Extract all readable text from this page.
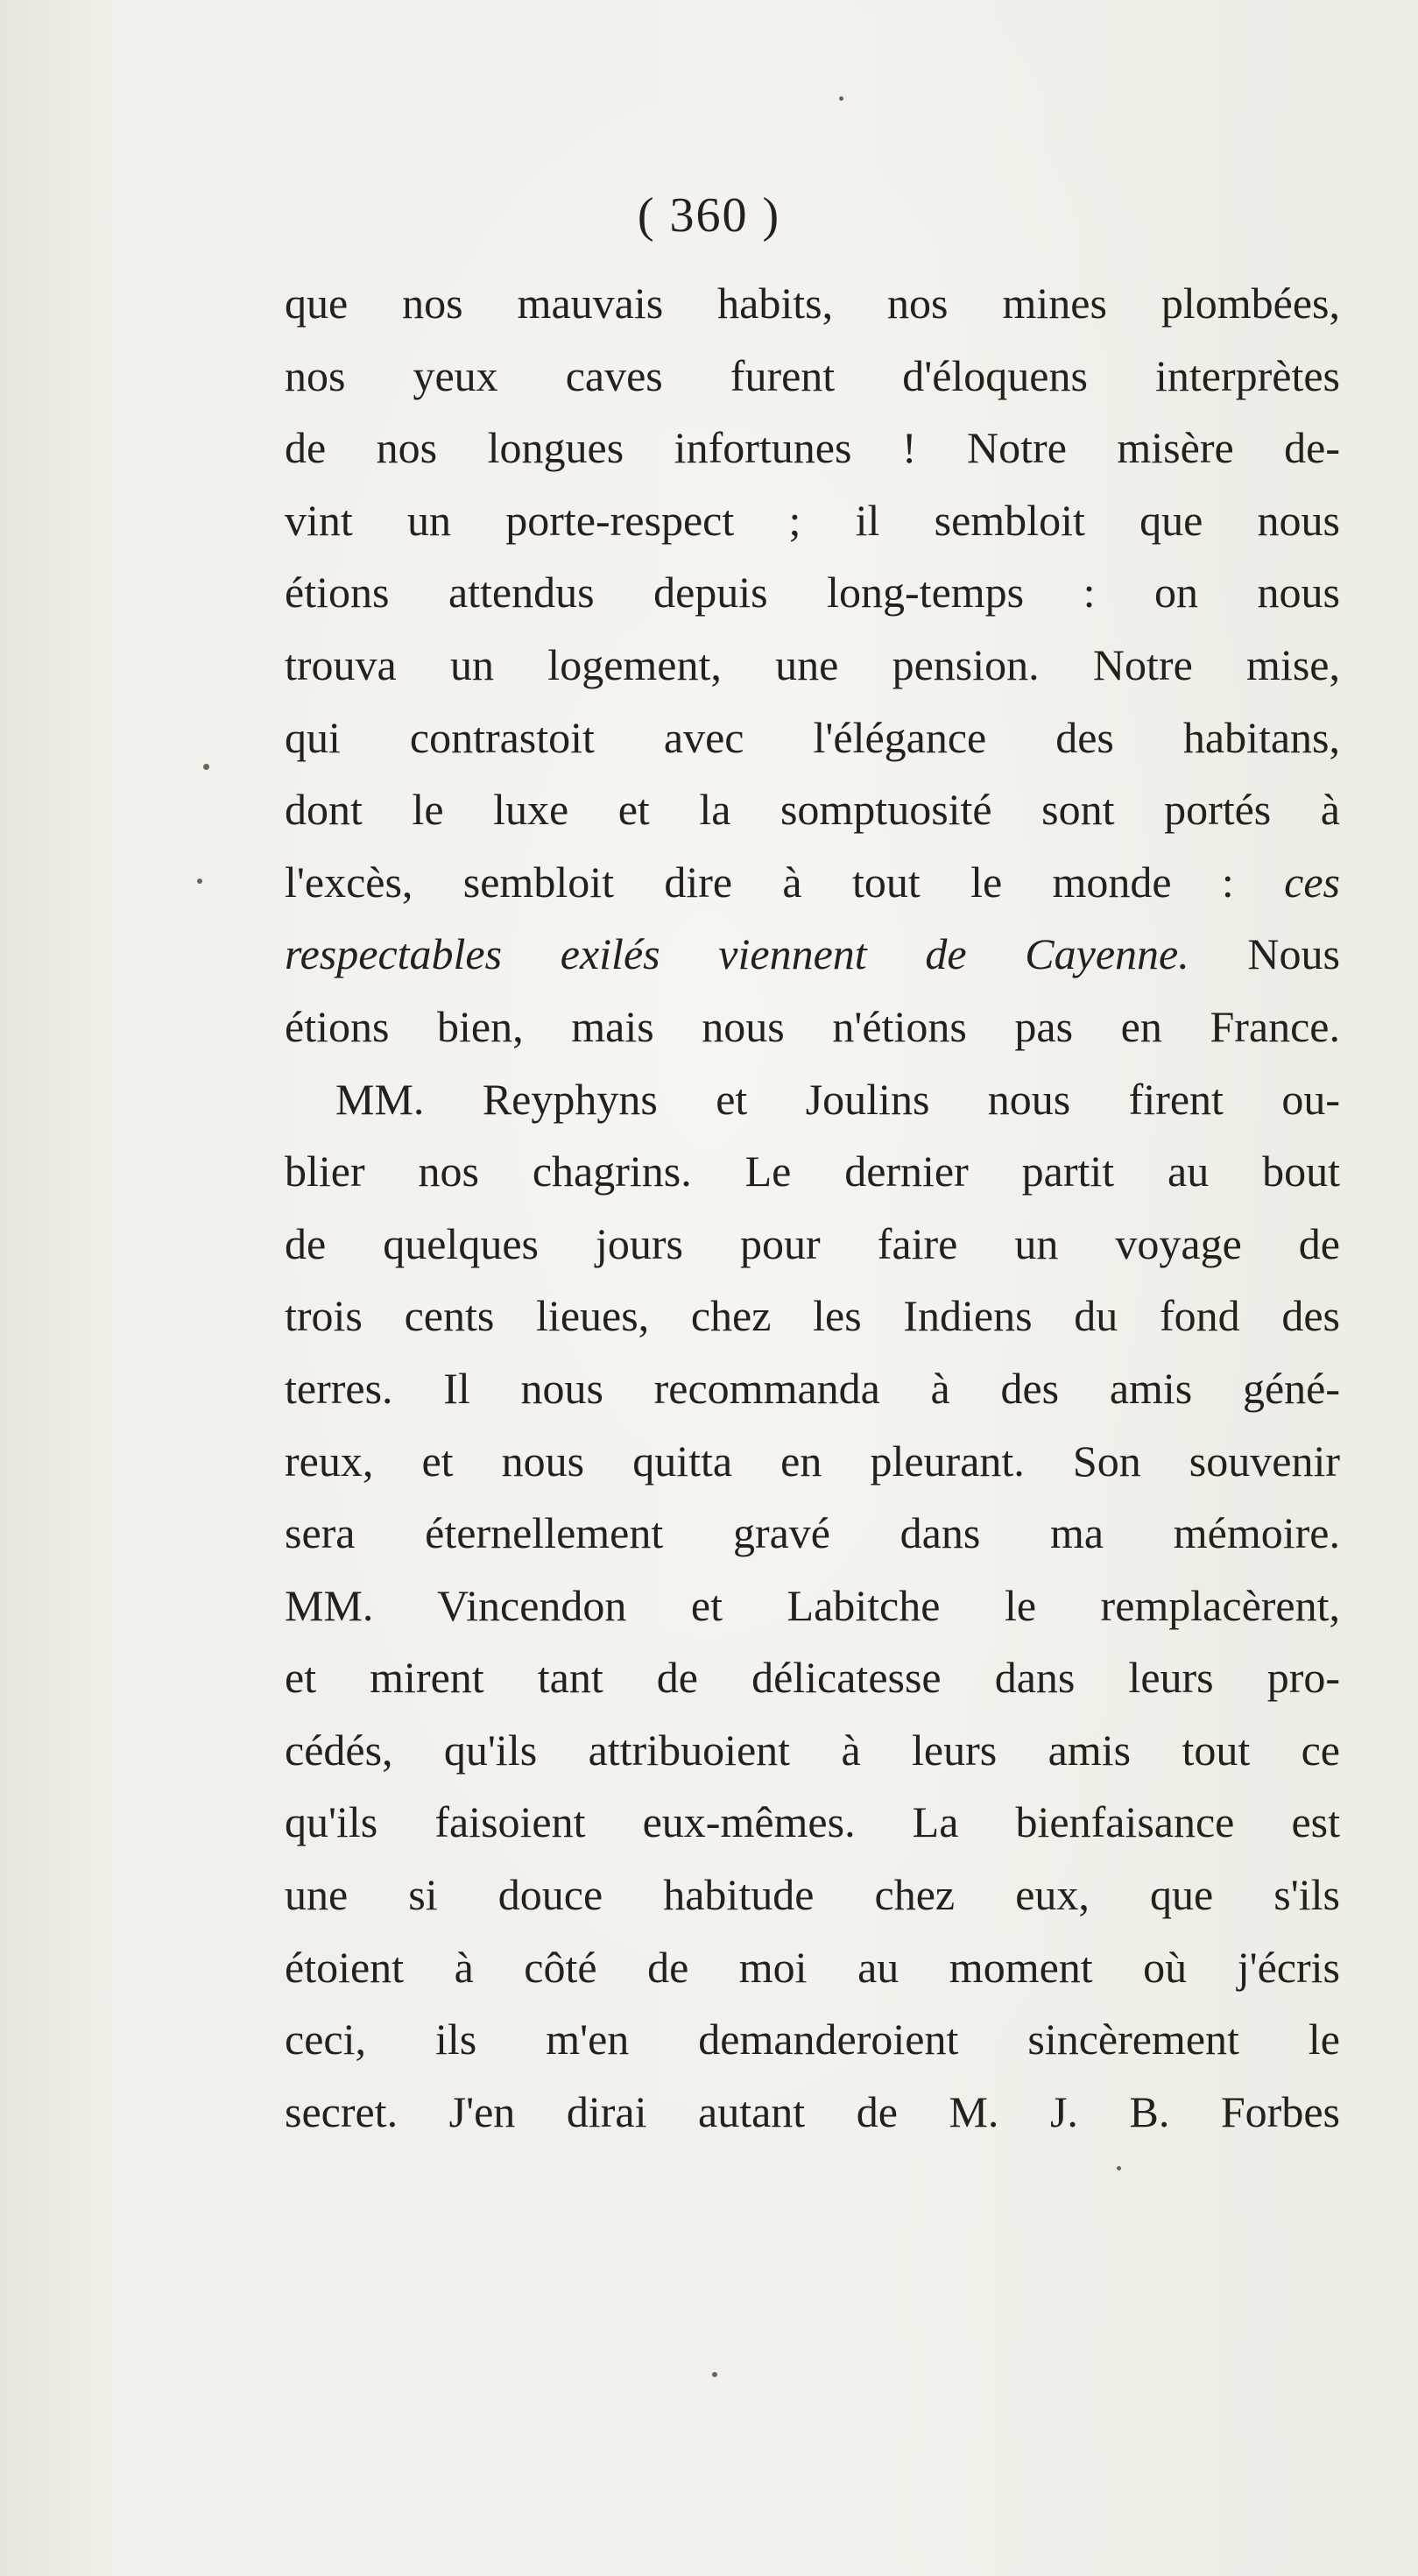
( 360 )
que nos mauvais habits, nos mines plombées,
nos yeux caves furent d'éloquens interprètes
de nos longues infortunes ! Notre misère de-
vint un porte-respect ; il sembloit que nous
étions attendus depuis long-temps : on nous
trouva un logement, une pension. Notre mise,
qui contrastoit avec l'élégance des habitans,
dont le luxe et la somptuosité sont portés à
l'excès, sembloit dire à tout le monde : ces
respectables exilés viennent de Cayenne. Nous
étions bien, mais nous n'étions pas en France.
MM. Reyphyns et Joulins nous firent ou-
blier nos chagrins. Le dernier partit au bout
de quelques jours pour faire un voyage de
trois cents lieues, chez les Indiens du fond des
terres. Il nous recommanda à des amis géné-
reux, et nous quitta en pleurant. Son souvenir
sera éternellement gravé dans ma mémoire.
MM. Vincendon et Labitche le remplacèrent,
et mirent tant de délicatesse dans leurs pro-
cédés, qu'ils attribuoient à leurs amis tout ce
qu'ils faisoient eux-mêmes. La bienfaisance est
une si douce habitude chez eux, que s'ils
étoient à côté de moi au moment où j'écris
ceci, ils m'en demanderoient sincèrement le
secret. J'en dirai autant de M. J. B. Forbes
